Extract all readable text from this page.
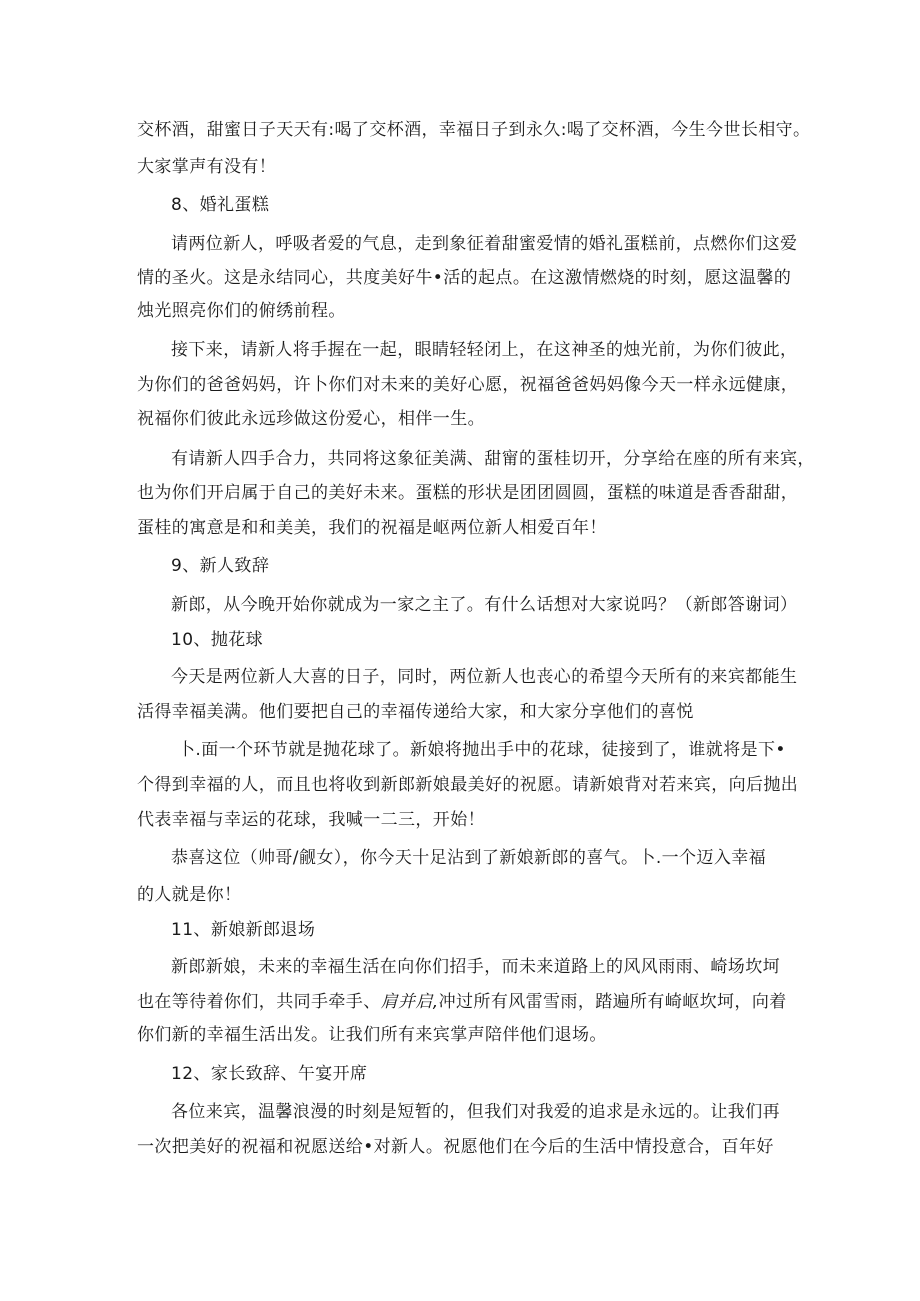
交杯酒，甜蜜日子天天有:喝了交杯酒，幸福日子到永久:喝了交杯酒，今生今世长相守。
大家掌声有没有！
8、婚礼蛋糕
请两位新人，呼吸者爱的气息，走到象征着甜蜜爱情的婚礼蛋糕前，点燃你们这爱
情的圣火。这是永结同心，共度美好牛•活的起点。在这激情燃烧的时刻，愿这温馨的
烛光照亮你们的俯绣前程。
接下来，请新人将手握在一起，眼睛轻轻闭上，在这神圣的烛光前，为你们彼此，
为你们的爸爸妈妈，许卜你们对未来的美好心愿，祝福爸爸妈妈像今天一样永远健康，
祝福你们彼此永远珍做这份爱心，相伴一生。
有请新人四手合力，共同将这象征美满、甜甯的蛋桂切开，分享给在座的所有来宾，
也为你们开启属于自己的美好未来。蛋糕的形状是团团圆圆，蛋糕的味道是香香甜甜，
蛋桂的寓意是和和美美，我们的祝福是岖两位新人相爱百年！
9、新人致辞
新郎，从今晚开始你就成为一家之主了。有什么话想对大家说吗？（新郎答谢词）
10、抛花球
今天是两位新人大喜的日子，同时，两位新人也丧心的希望今天所有的来宾都能生
活得幸福美满。他们要把自己的幸福传递给大家，和大家分享他们的喜悦
卜.面一个环节就是抛花球了。新娘将抛出手中的花球，徒接到了，谁就将是下•
个得到幸福的人，而且也将收到新郎新娘最美好的祝愿。请新娘背对若来宾，向后抛出
代表幸福与幸运的花球，我喊一二三，开始！
恭喜这位（帅哥/觎女），你今天十足沾到了新娘新郎的喜气。卜.一个迈入幸福
的人就是你！
11、新娘新郎退场
新郎新娘，未来的幸福生活在向你们招手，而未来道路上的风风雨雨、崎场坎坷
也在等待着你们，共同手牵手、肩并启,冲过所有风雷雪雨，踏遍所有崎岖坎坷，向着
你们新的幸福生活出发。让我们所有来宾掌声陪伴他们退场。
12、家长致辞、午宴开席
各位来宾，温馨浪漫的时刻是短暂的，但我们对我爱的追求是永远的。让我们再
一次把美好的祝福和祝愿送给•对新人。祝愿他们在今后的生活中情投意合，百年好
